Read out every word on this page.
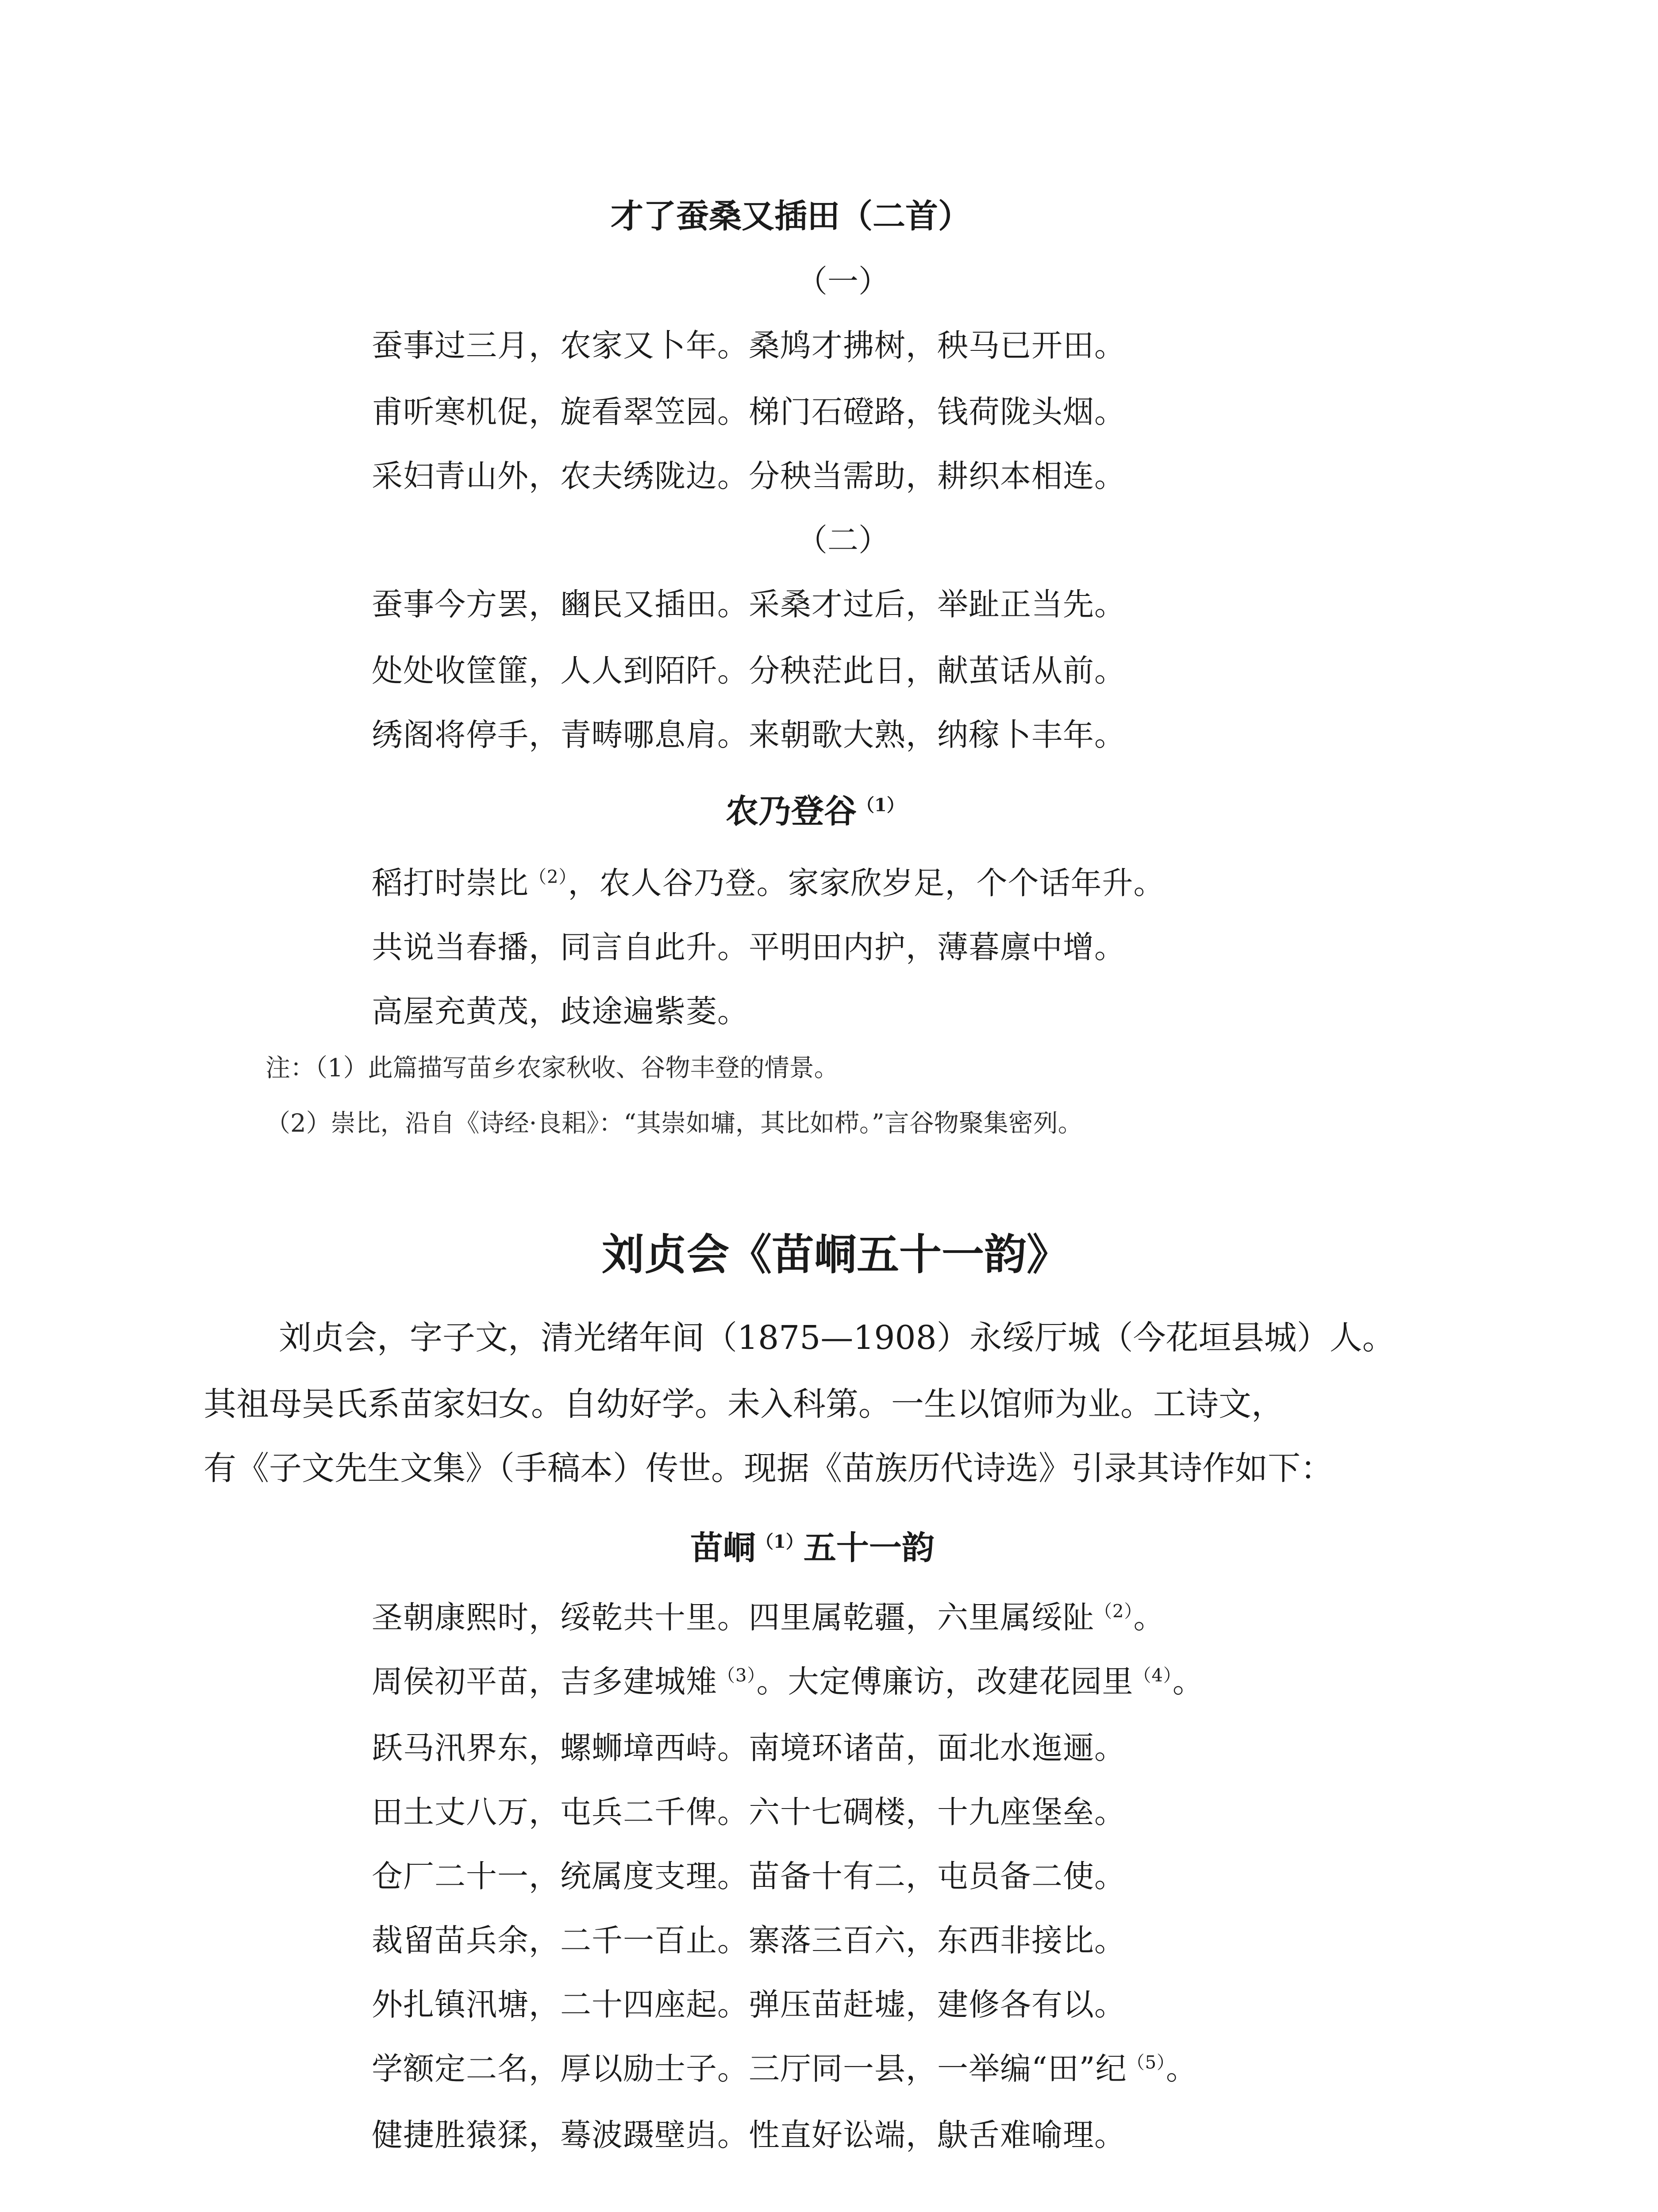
才了蚕桑又插田（二首）
（一）
蚕事过三月，农家又卜年。桑鸠才拂树，秧马已开田。
甫听寒机促，旋看翠笠园。梯门石磴路，钱荷陇头烟。
采妇青山外，农夫绣陇边。分秧当需助，耕织本相连。
（二）
蚕事今方罢，豳民又插田。采桑才过后，举趾正当先。
处处收筐篚，人人到陌阡。分秧茫此日，献茧话从前。
绣阁将停手，青畴哪息肩。来朝歌大熟，纳稼卜丰年。
农乃登谷$^{(1)}$
稻打时崇比$^{(2)}$，农人谷乃登。家家欣岁足，个个话年升。
共说当春播，同言自此升。平明田内护，薄暮廪中增。
高屋充黄茂，歧途遍紫菱。
注：（1）此篇描写苗乡农家秋收、谷物丰登的情景。
（2）崇比，沿自《诗经·良耜》：“其崇如墉，其比如栉。”言谷物聚集密列。
刘贞会《苗峒五十一韵》
刘贞会，字子文，清光绪年间（1875—1908）永绥厅城（今花垣县城）人。
其祖母吴氏系苗家妇女。自幼好学。未入科第。一生以馆师为业。工诗文，
有《子文先生文集》（手稿本）传世。现据《苗族历代诗选》引录其诗作如下：
苗峒$^{(1)}$五十一韵
圣朝康熙时，绥乾共十里。四里属乾疆，六里属绥阯$^{(2)}$。
周侯初平苗，吉多建城雉$^{(3)}$。大定傅廉访，改建花园里$^{(4)}$。
跃马汛界东，螺蛳墇西峙。南境环诸苗，面北水迤逦。
田土丈八万，屯兵二千俾。六十七碉楼，十九座堡垒。
仓厂二十一，统属度支理。苗备十有二，屯员备二使。
裁留苗兵余，二千一百止。寨落三百六，东西非接比。
外扎镇汛塘，二十四座起。弹压苗赶墟，建修各有以。
学额定二名，厚以励士子。三厅同一县，一举编“田”纪$^{(5)}$。
健捷胜猿猱，蓦波蹑壁岿。性直好讼端，鴃舌难喻理。
